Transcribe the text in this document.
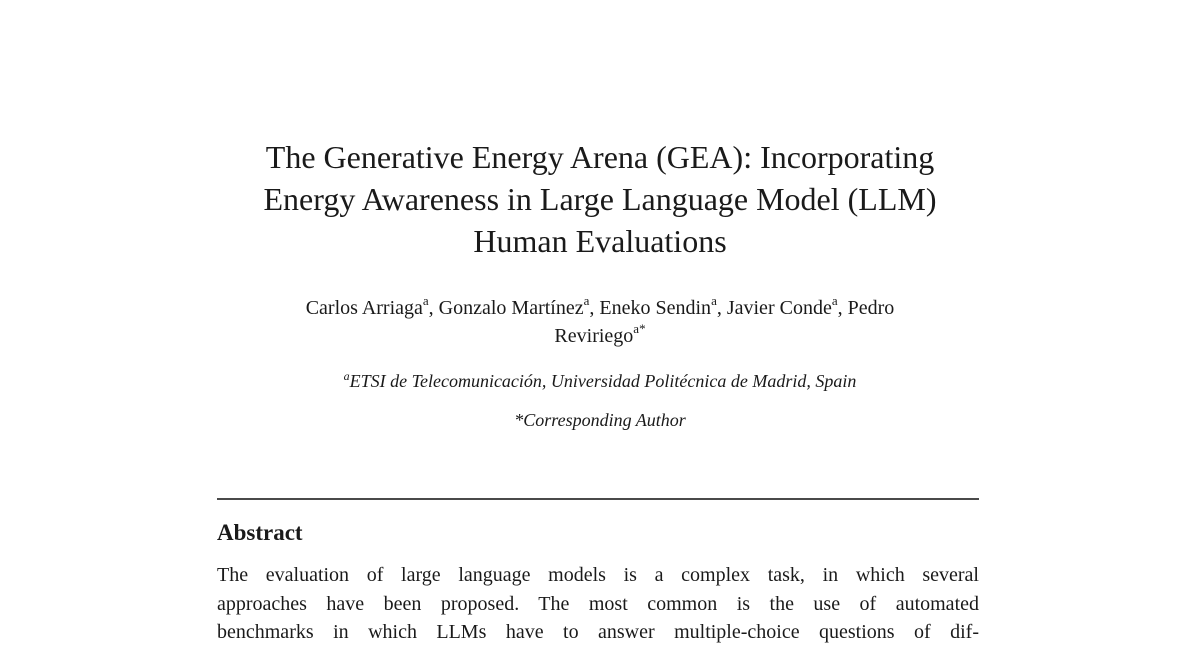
The Generative Energy Arena (GEA): Incorporating
Energy Awareness in Large Language Model (LLM)
Human Evaluations
Carlos Arriaga$^a$, Gonzalo Martínez$^a$, Eneko Sendin$^a$, Javier Conde$^a$, Pedro
Reviriego$^{a*}$
$^a$ETSI de Telecomunicación, Universidad Politécnica de Madrid, Spain
*Corresponding Author
Abstract
The evaluation of large language models is a complex task, in which several
approaches have been proposed. The most common is the use of automated
benchmarks in which LLMs have to answer multiple-choice questions of dif-
